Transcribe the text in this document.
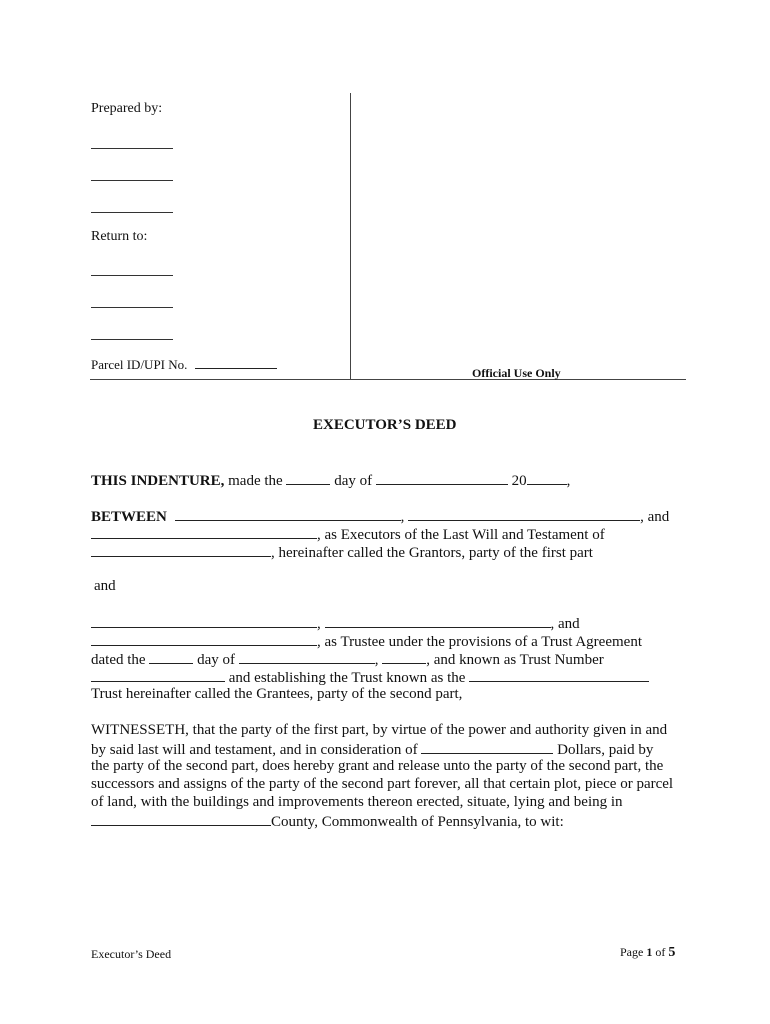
Prepared by:
Return to:
Parcel ID/UPI No.
Official Use Only
EXECUTOR’S DEED
THIS INDENTURE, made the	day of	20	,
BETWEEN	,	, and
, as Executors of the Last Will and Testament of
, hereinafter called the Grantors, party of the first part
and
,	, and
, as Trustee under the provisions of a Trust Agreement
dated the	day of	,	, and known as Trust Number
and establishing the Trust known as the
Trust hereinafter called the Grantees, party of the second part,
WITNESSETH, that the party of the first part, by virtue of the power and authority given in and
by said last will and testament, and in consideration of	Dollars, paid by
the party of the second part, does hereby grant and release unto the party of the second part, the
successors and assigns of the party of the second part forever, all that certain plot, piece or parcel
of land, with the buildings and improvements thereon erected, situate, lying and being in
County, Commonwealth of Pennsylvania, to wit:
Executor’s Deed	Page 1 of 5
